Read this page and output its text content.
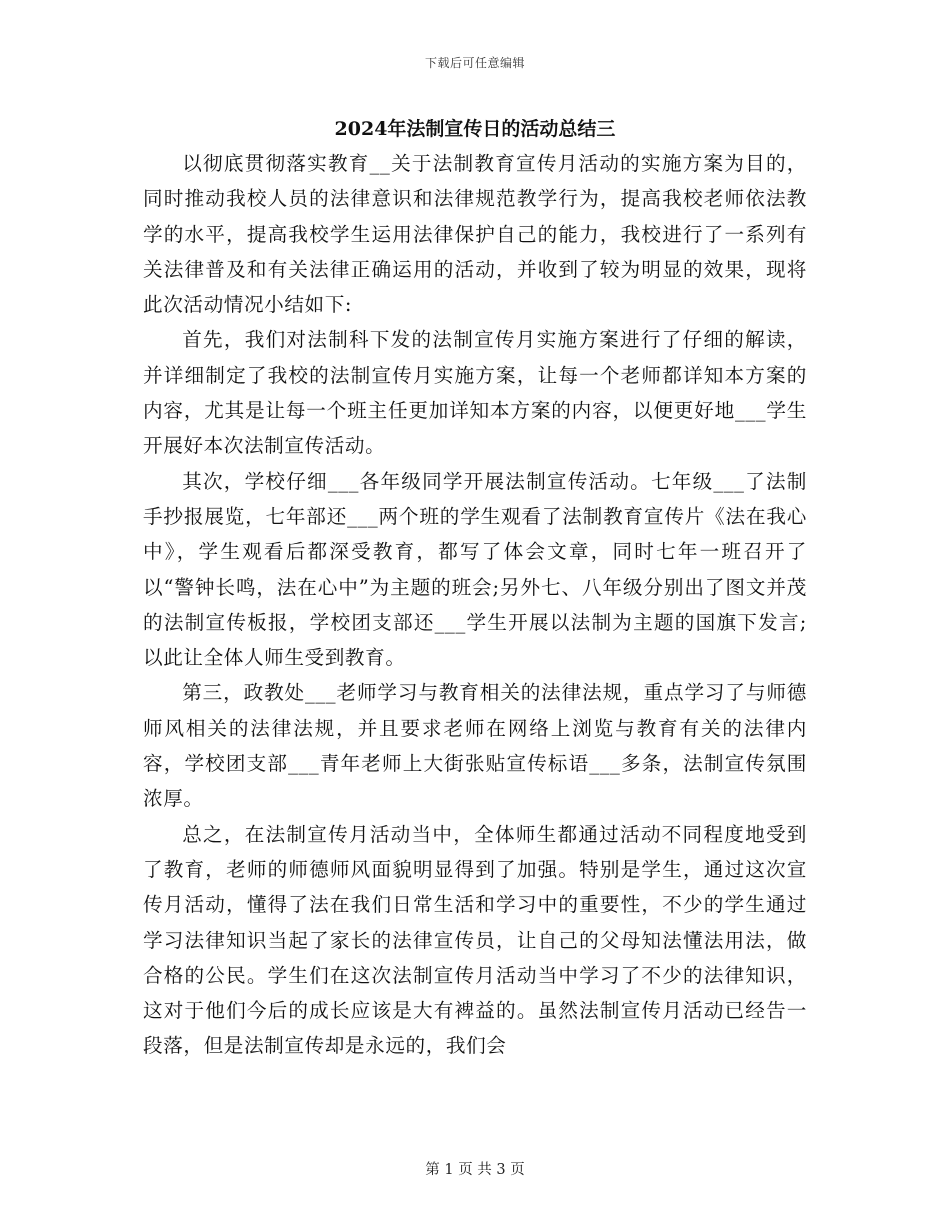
下载后可任意编辑
2024年法制宣传日的活动总结三

以彻底贯彻落实教育__关于法制教育宣传月活动的实施方案为目的，同时推动我校人员的法律意识和法律规范教学行为，提高我校老师依法教学的水平，提高我校学生运用法律保护自己的能力，我校进行了一系列有关法律普及和有关法律正确运用的活动，并收到了较为明显的效果，现将此次活动情况小结如下:

首先，我们对法制科下发的法制宣传月实施方案进行了仔细的解读，并详细制定了我校的法制宣传月实施方案，让每一个老师都详知本方案的内容，尤其是让每一个班主任更加详知本方案的内容，以便更好地___学生开展好本次法制宣传活动。

其次，学校仔细___各年级同学开展法制宣传活动。七年级___了法制手抄报展览，七年部还___两个班的学生观看了法制教育宣传片《法在我心中》，学生观看后都深受教育，都写了体会文章，同时七年一班召开了以“警钟长鸣，法在心中”为主题的班会;另外七、八年级分别出了图文并茂的法制宣传板报，学校团支部还___学生开展以法制为主题的国旗下发言;以此让全体人师生受到教育。

第三，政教处___老师学习与教育相关的法律法规，重点学习了与师德师风相关的法律法规，并且要求老师在网络上浏览与教育有关的法律内容，学校团支部___青年老师上大街张贴宣传标语___多条，法制宣传氛围浓厚。

总之，在法制宣传月活动当中，全体师生都通过活动不同程度地受到了教育，老师的师德师风面貌明显得到了加强。特别是学生，通过这次宣传月活动，懂得了法在我们日常生活和学习中的重要性，不少的学生通过学习法律知识当起了家长的法律宣传员，让自己的父母知法懂法用法，做合格的公民。学生们在这次法制宣传月活动当中学习了不少的法律知识，这对于他们今后的成长应该是大有裨益的。虽然法制宣传月活动已经告一段落，但是法制宣传却是永远的，我们会

第 1 页 共 3 页
